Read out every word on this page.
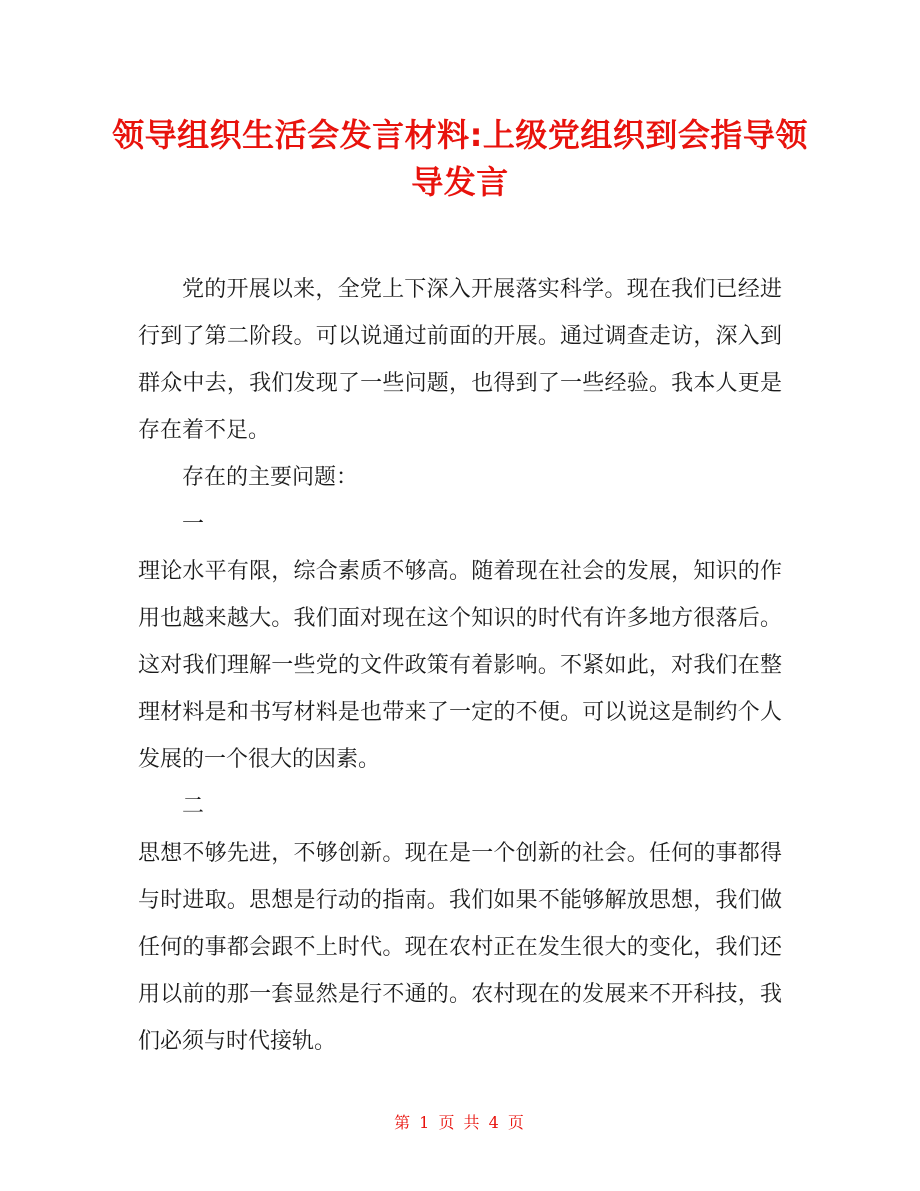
领导组织生活会发言材料:上级党组织到会指导领导发言

党的开展以来，全党上下深入开展落实科学。现在我们已经进行到了第二阶段。可以说通过前面的开展。通过调查走访，深入到群众中去，我们发现了一些问题，也得到了一些经验。我本人更是存在着不足。

存在的主要问题：

一

理论水平有限，综合素质不够高。随着现在社会的发展，知识的作用也越来越大。我们面对现在这个知识的时代有许多地方很落后。这对我们理解一些党的文件政策有着影响。不紧如此，对我们在整理材料是和书写材料是也带来了一定的不便。可以说这是制约个人发展的一个很大的因素。

二

思想不够先进，不够创新。现在是一个创新的社会。任何的事都得与时进取。思想是行动的指南。我们如果不能够解放思想，我们做任何的事都会跟不上时代。现在农村正在发生很大的变化，我们还用以前的那一套显然是行不通的。农村现在的发展来不开科技，我们必须与时代接轨。

第 1 页 共 4 页
